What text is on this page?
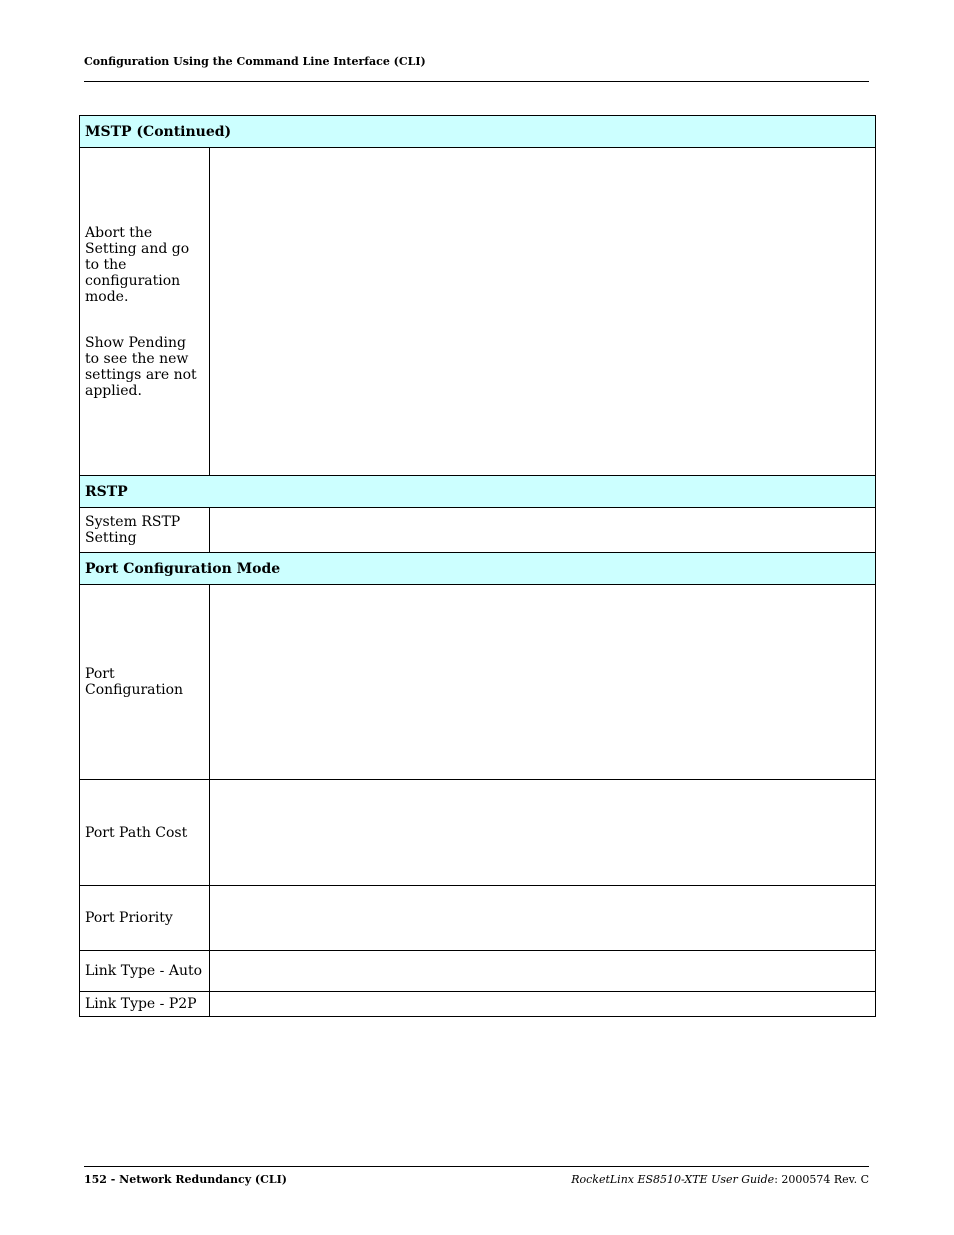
Configuration Using the Command Line Interface (CLI)
MSTP (Continued)	

Abort the Setting and go to the configuration mode.

Show Pending to see the new settings are not applied.	

RSTP	

System RSTP Setting	

Port Configuration Mode	

Port Configuration	

Port Path Cost	

Port Priority	

Link Type - Auto	

Link Type - P2P	

152 - Network Redundancy (CLI)	RocketLinx ES8510-XTE User Guide: 2000574 Rev. C
